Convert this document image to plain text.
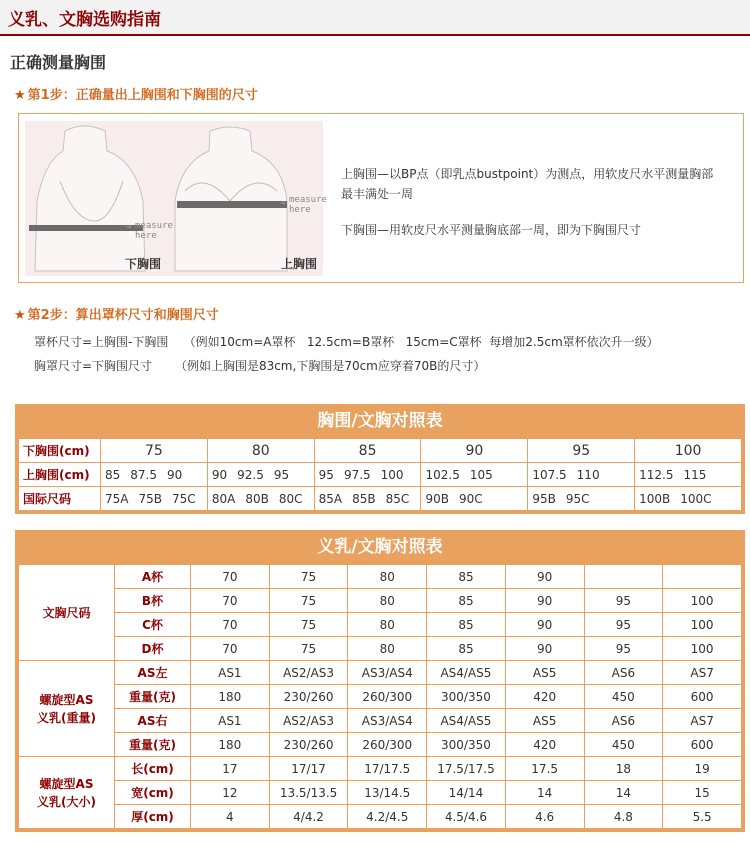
义乳、文胸选购指南
正确测量胸围
★ 第1步：正确量出上胸围和下胸围的尺寸
◄
◄
measure
here
measure
here
下胸围	上胸围
上胸围—以BP点（即乳点bustpoint）为测点，用软皮尺水平测量胸部最丰满处一周
下胸围—用软皮尺水平测量胸底部一周，即为下胸围尺寸
★ 第2步：算出罩杯尺寸和胸围尺寸
罩杯尺寸=上胸围-下胸围    （例如10cm=A罩杯   12.5cm=B罩杯   15cm=C罩杯  每增加2.5cm罩杯依次升一级）
胸罩尺寸=下胸围尺寸      （例如上胸围是83cm,下胸围是70cm应穿着70B的尺寸）
胸围/文胸对照表
下胸围(cm)	75	80	85	90	95	100
上胸围(cm)	85 87.5 90	90 92.5 95	95 97.5 100	102.5 105	107.5 110	112.5 115
国际尺码	75A 75B 75C	80A 80B 80C	85A 85B 85C	90B 90C	95B 95C	100B 100C
义乳/文胸对照表
文胸尺码	A杯	70	75	80	85	90		
	B杯	70	75	80	85	90	95	100
	C杯	70	75	80	85	90	95	100
	D杯	70	75	80	85	90	95	100
螺旋型AS
义乳(重量)	AS左	AS1	AS2/AS3	AS3/AS4	AS4/AS5	AS5	AS6	AS7
	重量(克)	180	230/260	260/300	300/350	420	450	600
	AS右	AS1	AS2/AS3	AS3/AS4	AS4/AS5	AS5	AS6	AS7
	重量(克)	180	230/260	260/300	300/350	420	450	600
螺旋型AS
义乳(大小)	长(cm)	17	17/17	17/17.5	17.5/17.5	17.5	18	19
	宽(cm)	12	13.5/13.5	13/14.5	14/14	14	14	15
	厚(cm)	4	4/4.2	4.2/4.5	4.5/4.6	4.6	4.8	5.5
